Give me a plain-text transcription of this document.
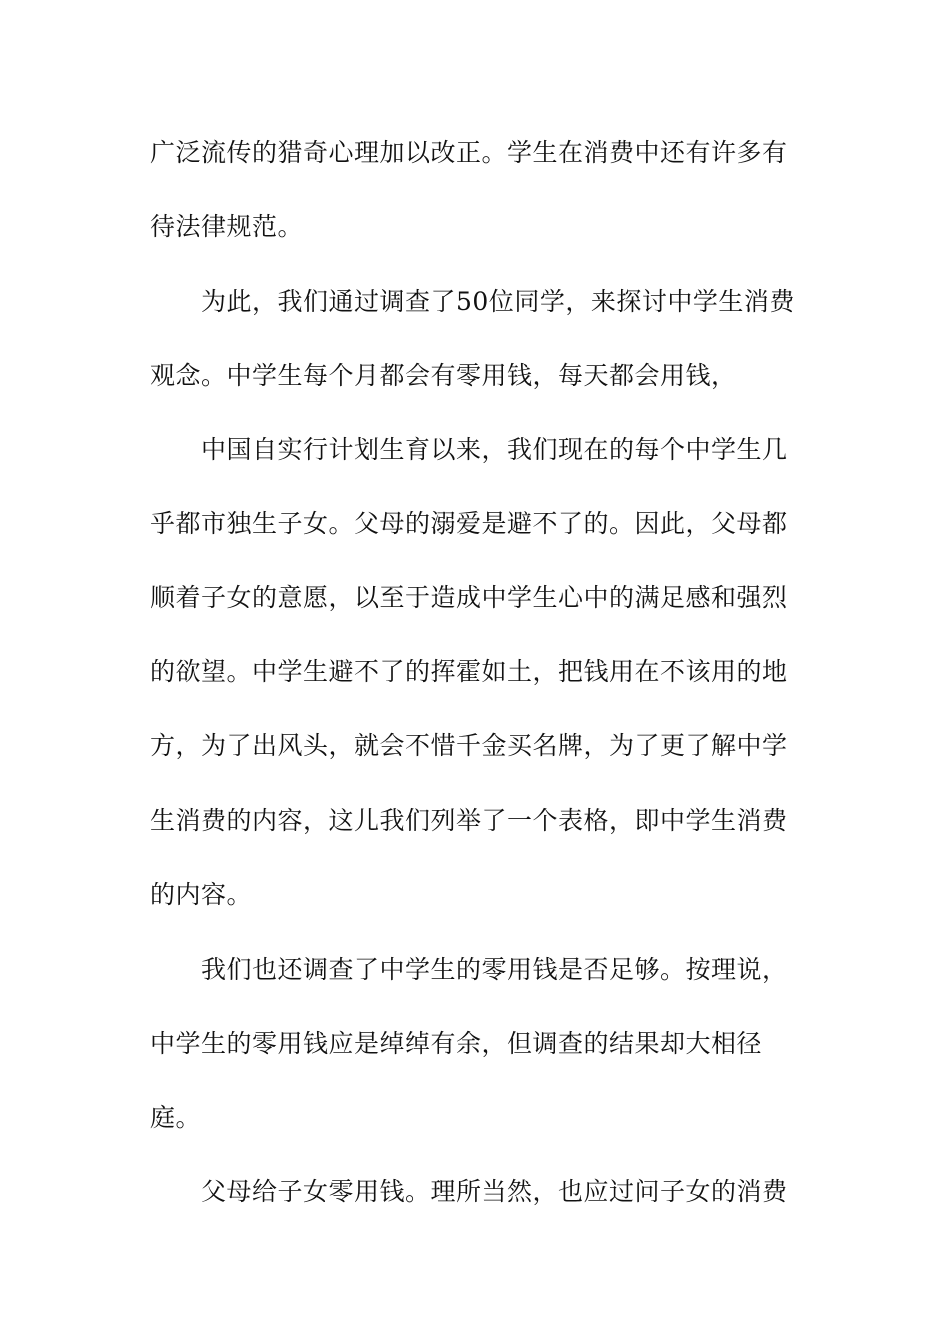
广泛流传的猎奇心理加以改正。学生在消费中还有许多有
待法律规范。
为此，我们通过调查了50位同学，来探讨中学生消费
观念。中学生每个月都会有零用钱，每天都会用钱，
中国自实行计划生育以来，我们现在的每个中学生几
乎都市独生子女。父母的溺爱是避不了的。因此，父母都
顺着子女的意愿，以至于造成中学生心中的满足感和强烈
的欲望。中学生避不了的挥霍如土，把钱用在不该用的地
方，为了出风头，就会不惜千金买名牌，为了更了解中学
生消费的内容，这儿我们列举了一个表格，即中学生消费
的内容。
我们也还调查了中学生的零用钱是否足够。按理说，
中学生的零用钱应是绰绰有余，但调查的结果却大相径
庭。
父母给子女零用钱。理所当然，也应过问子女的消费
